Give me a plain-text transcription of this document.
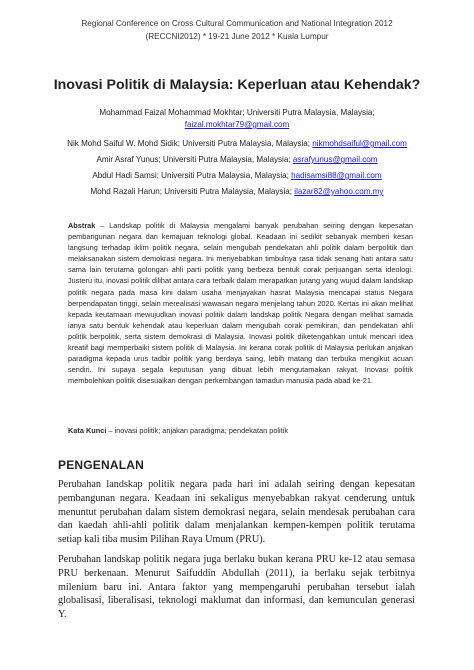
Regional Conference on Cross Cultural Communication and National Integration 2012
(RECCNI2012) * 19-21 June 2012 * Kuala Lumpur
Inovasi Politik di Malaysia: Keperluan atau Kehendak?
Mohammad Faizal Mohammad Mokhtar; Universiti Putra Malaysia, Malaysia;
faizal.mokhtar79@gmail.com
Nik Mohd Saiful W. Mohd Sidik; Universiti Putra Malaysia, Malaysia; nikmohdsaiful@gmail.com
Amir Asraf Yunus; Universiti Putra Malaysia, Malaysia; asrafyunus@gmail.com
Abdul Hadi Samsi; Universiti Putra Malaysia, Malaysia; hadisamsi88@gmail.com
Mohd Razali Harun; Universiti Putra Malaysia, Malaysia; ilazar82@yahoo.com.my

Abstrak – Landskap politik di Malaysia mengalami banyak perubahan seiring dengan kepesatan pembangunan negara dan kemajuan teknologi global. Keadaan ini sedikit sebanyak memberi kesan langsung terhadap iklim politik negara, selain mengubah pendekatan ahli politik dalam berpolitik dan melaksanakan sistem demokrasi negara. Ini menyebabkan timbulnya rasa tidak senang hati antara satu sama lain terutama golongan ahli parti politik yang berbeza bentuk corak perjuangan serta ideologi. Justeru itu, inovasi politik dilihat antara cara terbaik dalam merapatkan jurang yang wujud dalam landskap politik negara pada masa kini dalam usaha menjayakan hasrat Malaysia mencapai status Negara berpendapatan tinggi, selain merealisasi wawasan negara menjelang tahun 2020. Kertas ini akan melihat kepada keutamaan mewujudkan inovasi politik dalam landskap politik Negara dengan melihat samada ianya satu bentuk kehendak atau keperluan dalam mengubah corak pemikiran, dan pendekatan ahli politik berpolitik, serta sistem demokrasi di Malaysia. Inovasi politik diketengahkan untuk mencari idea kreatif bagi memperbaiki sistem politik di Malaysia. Ini kerana corak politik di Malaysia perlukan anjakan paradigma kepada urus tadbir politik yang berdaya saing, lebih matang dan terbuka mengikut acuan sendiri. Ini supaya segala keputusan yang dibuat lebih mengutamakan rakyat. Inovasi politik membolehkan politik disesuaikan dengan perkembangan tamadun manusia pada abad ke-21.

Kata Kunci – inovasi politik; anjakan paradigma; pendekatan politik
PENGENALAN

Perubahan landskap politik negara pada hari ini adalah seiring dengan kepesatan pembangunan negara. Keadaan ini sekaligus menyebabkan rakyat cenderung untuk menuntut perubahan dalam sistem demokrasi negara, selain mendesak perubahan cara dan kaedah ahli-ahli politik dalam menjalankan kempen-kempen politik terutama setiap kali tiba musim Pilihan Raya Umum (PRU).

Perubahan landskap politik negara juga berlaku bukan kerana PRU ke-12 atau semasa PRU berkenaan. Menurut Saifuddin Abdullah (2011), ia berlaku sejak terbitnya milenium baru ini. Antara faktor yang mempengaruhi perubahan tersebut ialah globalisasi, liberalisasi, teknologi maklumat dan informasi, dan kemunculan generasi Y.
